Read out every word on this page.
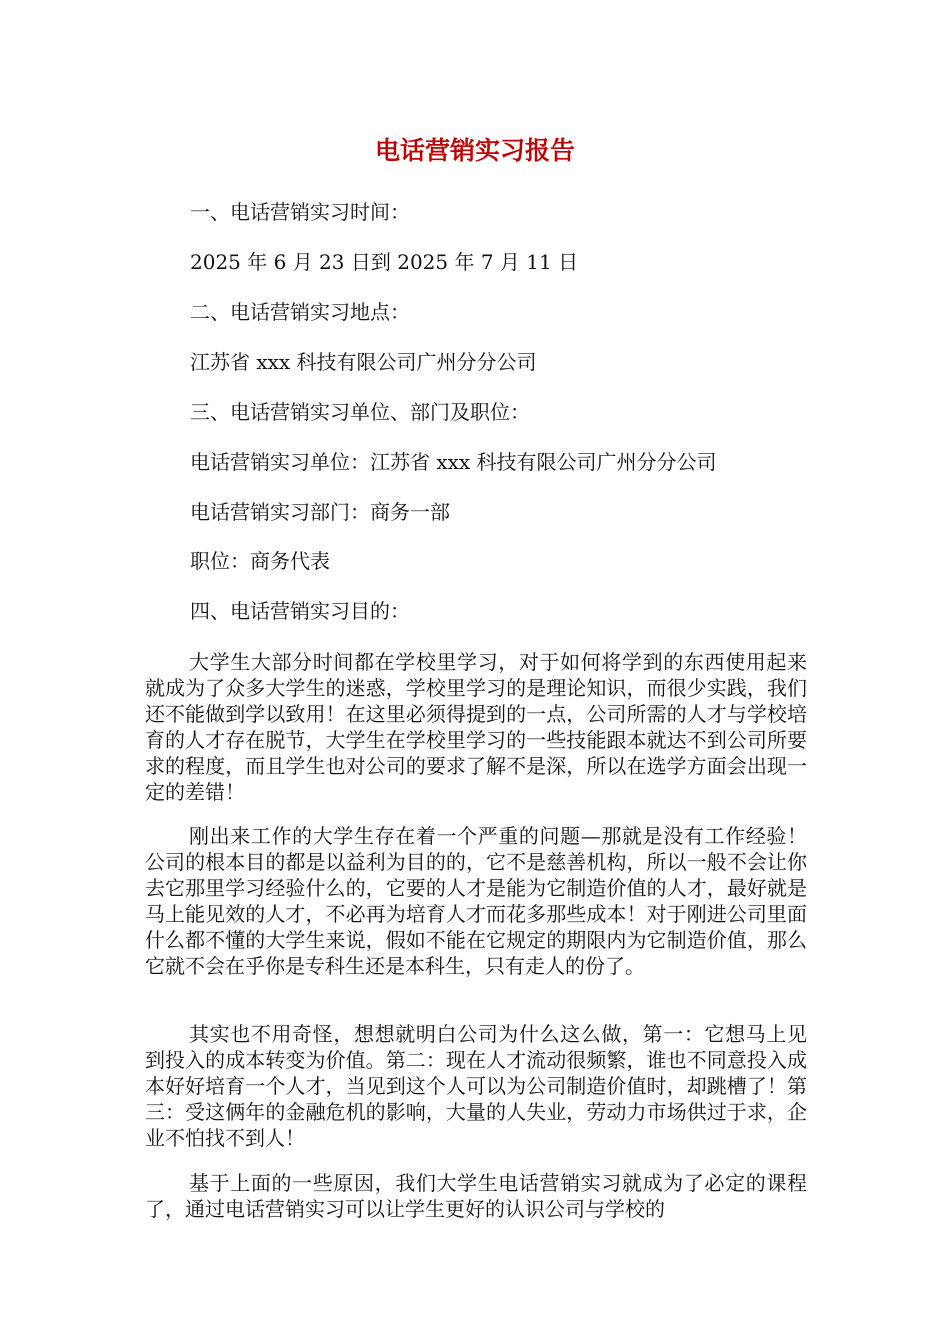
电话营销实习报告

一、电话营销实习时间：

2025 年 6 月 23 日到 2025 年 7 月 11 日

二、电话营销实习地点：

江苏省 xxx 科技有限公司广州分分公司

三、电话营销实习单位、部门及职位：

电话营销实习单位：江苏省 xxx 科技有限公司广州分分公司

电话营销实习部门：商务一部

职位：商务代表

四、电话营销实习目的：

大学生大部分时间都在学校里学习，对于如何将学到的东西使用起来就成为了众多大学生的迷惑，学校里学习的是理论知识，而很少实践，我们还不能做到学以致用！在这里必须得提到的一点，公司所需的人才与学校培育的人才存在脱节，大学生在学校里学习的一些技能跟本就达不到公司所要求的程度，而且学生也对公司的要求了解不是深，所以在选学方面会出现一定的差错！

刚出来工作的大学生存在着一个严重的问题—那就是没有工作经验！公司的根本目的都是以益利为目的的，它不是慈善机构，所以一般不会让你去它那里学习经验什么的，它要的人才是能为它制造价值的人才，最好就是马上能见效的人才，不必再为培育人才而花多那些成本！对于刚进公司里面什么都不懂的大学生来说，假如不能在它规定的期限内为它制造价值，那么它就不会在乎你是专科生还是本科生，只有走人的份了。

其实也不用奇怪，想想就明白公司为什么这么做，第一：它想马上见到投入的成本转变为价值。第二：现在人才流动很频繁，谁也不同意投入成本好好培育一个人才，当见到这个人可以为公司制造价值时，却跳槽了！第三：受这俩年的金融危机的影响，大量的人失业，劳动力市场供过于求，企业不怕找不到人！

基于上面的一些原因，我们大学生电话营销实习就成为了必定的课程了，通过电话营销实习可以让学生更好的认识公司与学校的
